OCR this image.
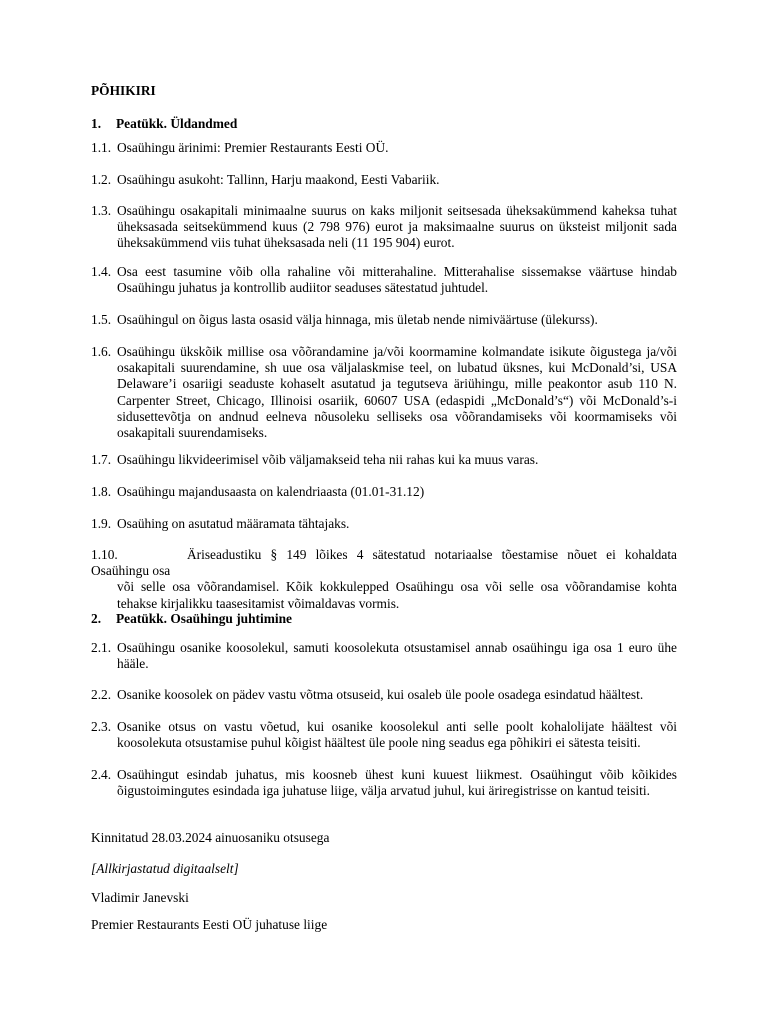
PÕHIKIRI
1. Peatükk. Üldandmed
1.1. Osaühingu ärinimi: Premier Restaurants Eesti OÜ.
1.2. Osaühingu asukoht: Tallinn, Harju maakond, Eesti Vabariik.
1.3. Osaühingu osakapitali minimaalne suurus on kaks miljonit seitsesada üheksakümmend kaheksa tuhat üheksasada seitsekümmend kuus (2 798 976) eurot ja maksimaalne suurus on üksteist miljonit sada üheksakümmend viis tuhat üheksasada neli (11 195 904) eurot.
1.4. Osa eest tasumine võib olla rahaline või mitterahaline. Mitterahalise sissemakse väärtuse hindab Osaühingu juhatus ja kontrollib audiitor seaduses sätestatud juhtudel.
1.5. Osaühingul on õigus lasta osasid välja hinnaga, mis ületab nende nimiväärtuse (ülekurss).
1.6. Osaühingu ükskõik millise osa võõrandamine ja/või koormamine kolmandate isikute õigustega ja/või osakapitali suurendamine, sh uue osa väljalaskmise teel, on lubatud üksnes, kui McDonald’si, USA Delaware’i osariigi seaduste kohaselt asutatud ja tegutseva äriühingu, mille peakontor asub 110 N. Carpenter Street, Chicago, Illinoisi osariik, 60607 USA (edaspidi „McDonald’s“) või McDonald’s-i sidusettevõtja on andnud eelneva nõusoleku selliseks osa võõrandamiseks või koormamiseks või osakapitali suurendamiseks.
1.7. Osaühingu likvideerimisel võib väljamakseid teha nii rahas kui ka muus varas.
1.8. Osaühingu majandusaasta on kalendriaasta (01.01-31.12)
1.9. Osaühing on asutatud määramata tähtajaks.
1.10.	Äriseadustiku § 149 lõikes 4 sätestatud notariaalse tõestamise nõuet ei kohaldata Osaühingu osa
või selle osa võõrandamisel. Kõik kokkulepped Osaühingu osa või selle osa võõrandamise kohta tehakse kirjalikku taasesitamist võimaldavas vormis.
2. Peatükk. Osaühingu juhtimine
2.1. Osaühingu osanike koosolekul, samuti koosolekuta otsustamisel annab osaühingu iga osa 1 euro ühe hääle.
2.2. Osanike koosolek on pädev vastu võtma otsuseid, kui osaleb üle poole osadega esindatud häältest.
2.3. Osanike otsus on vastu võetud, kui osanike koosolekul anti selle poolt kohalolijate häältest või koosolekuta otsustamise puhul kõigist häältest üle poole ning seadus ega põhikiri ei sätesta teisiti.
2.4. Osaühingut esindab juhatus, mis koosneb ühest kuni kuuest liikmest. Osaühingut võib kõikides õigustoimingutes esindada iga juhatuse liige, välja arvatud juhul, kui äriregistrisse on kantud teisiti.
Kinnitatud 28.03.2024 ainuosaniku otsusega
[Allkirjastatud digitaalselt]
Vladimir Janevski
Premier Restaurants Eesti OÜ juhatuse liige
